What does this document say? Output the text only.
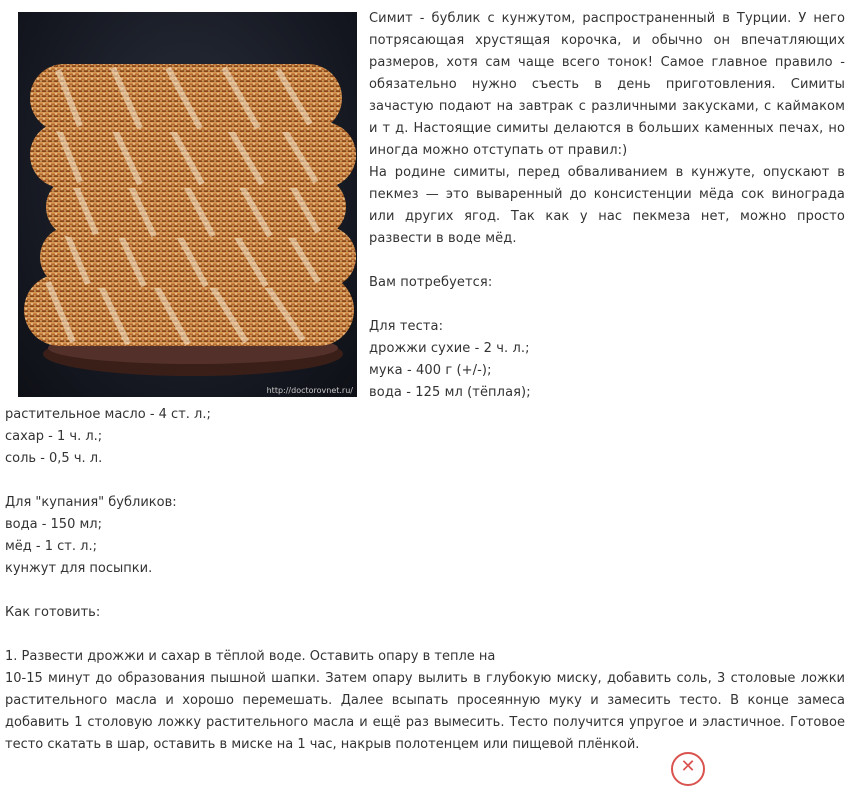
http://doctorovnet.ru/

Симит - бублик с кунжутом, распространенный в Турции. У него потрясающая хрустящая корочка, и обычно он впечатляющих размеров, хотя сам чаще всего тонок! Самое главное правило - обязательно нужно съесть в день приготовления. Симиты зачастую подают на завтрак с различными закусками, с каймаком и т д. Настоящие симиты делаются в больших каменных печах, но иногда можно отступать от правил:)

На родине симиты, перед обваливанием в кунжуте, опускают в пекмез — это вываренный до консистенции мёда сок винограда или других ягод. Так как у нас пекмеза нет, можно просто развести в воде мёд.

Вам потребуется:

Для теста:

дрожжи сухие - 2 ч. л.;

мука - 400 г (+/-);

вода - 125 мл (тёплая);

растительное масло - 4 ст. л.;

сахар - 1 ч. л.;

соль - 0,5 ч. л.

Для "купания" бубликов:

вода - 150 мл;

мёд - 1 ст. л.;

кунжут для посыпки.

Как готовить:

1. Развести дрожжи и сахар в тёплой воде. Оставить опару в тепле на

10-15 минут до образования пышной шапки. Затем опару вылить в глубокую миску, добавить соль, 3 столовые ложки растительного масла и хорошо перемешать. Далее всыпать просеянную муку и замесить тесто. В конце замеса добавить 1 столовую ложку растительного масла и ещё раз вымесить. Тесто получится упругое и эластичное. Готовое тесто скатать в шар, оставить в миске на 1 час, накрыв полотенцем или пищевой плёнкой.

✕
